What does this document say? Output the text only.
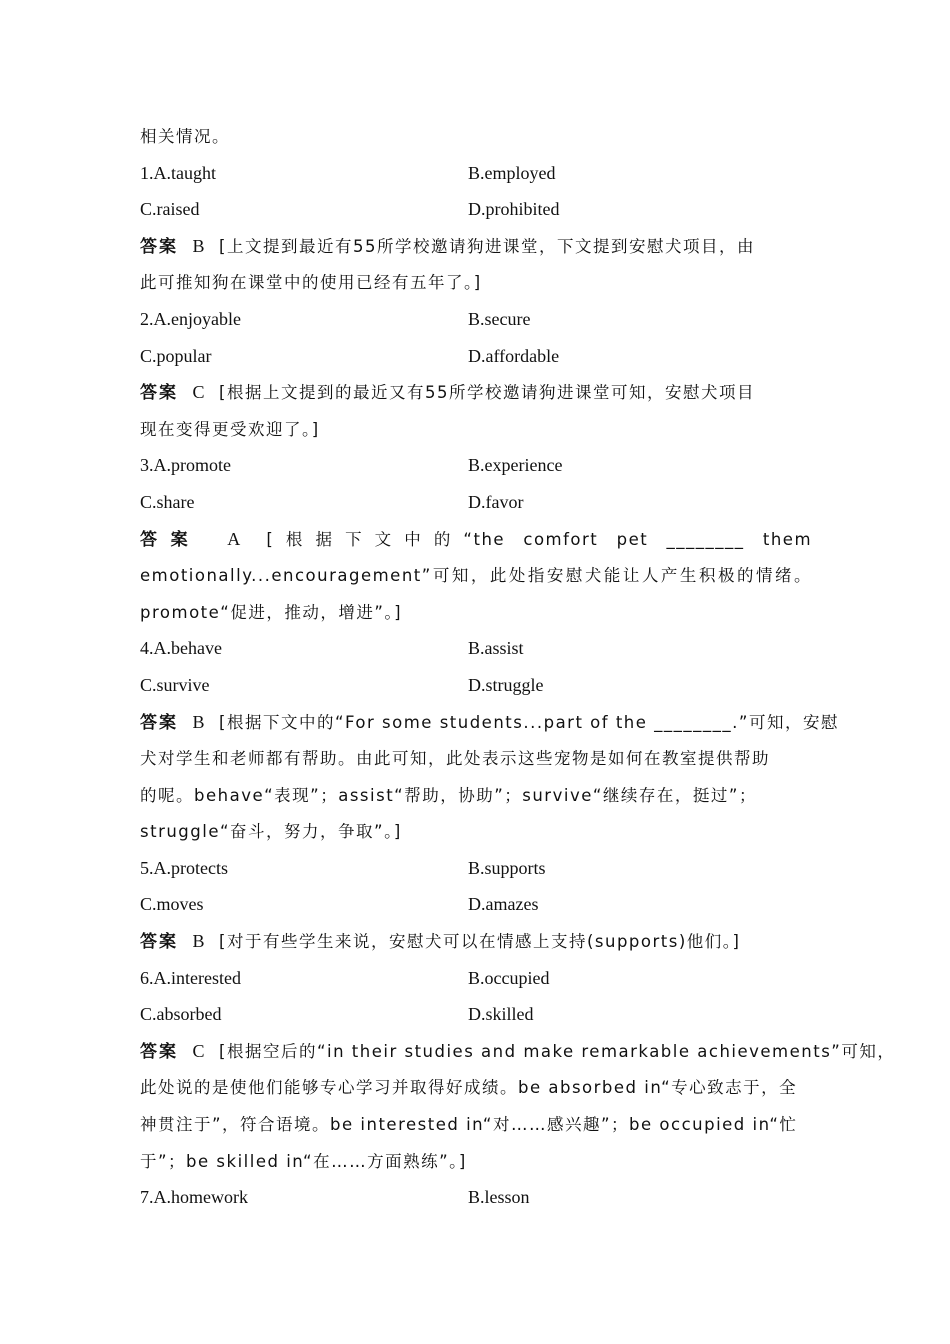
相关情况。
1.A.taught	B.employed
C.raised	D.prohibited
答案 B [上文提到最近有55所学校邀请狗进课堂，下文提到安慰犬项目，由
此可推知狗在课堂中的使用已经有五年了。]
2.A.enjoyable	B.secure
C.popular	D.affordable
答案 C [根据上文提到的最近又有55所学校邀请狗进课堂可知，安慰犬项目
现在变得更受欢迎了。]
3.A.promote	B.experience
C.share	D.favor
答案 A [根据下文中的“the comfort pet ________ them
emotionally...encouragement”可知，此处指安慰犬能让人产生积极的情绪。
promote“促进，推动，增进”。]
4.A.behave	B.assist
C.survive	D.struggle
答案 B [根据下文中的“For some students...part of the ________.”可知，安慰
犬对学生和老师都有帮助。由此可知，此处表示这些宠物是如何在教室提供帮助
的呢。behave“表现”；assist“帮助，协助”；survive“继续存在，挺过”；
struggle“奋斗，努力，争取”。]
5.A.protects	B.supports
C.moves	D.amazes
答案 B [对于有些学生来说，安慰犬可以在情感上支持(supports)他们。]
6.A.interested	B.occupied
C.absorbed	D.skilled
答案 C [根据空后的“in their studies and make remarkable achievements”可知，
此处说的是使他们能够专心学习并取得好成绩。be absorbed in“专心致志于，全
神贯注于”，符合语境。be interested in“对……感兴趣”；be occupied in“忙
于”；be skilled in“在……方面熟练”。]
7.A.homework	B.lesson
